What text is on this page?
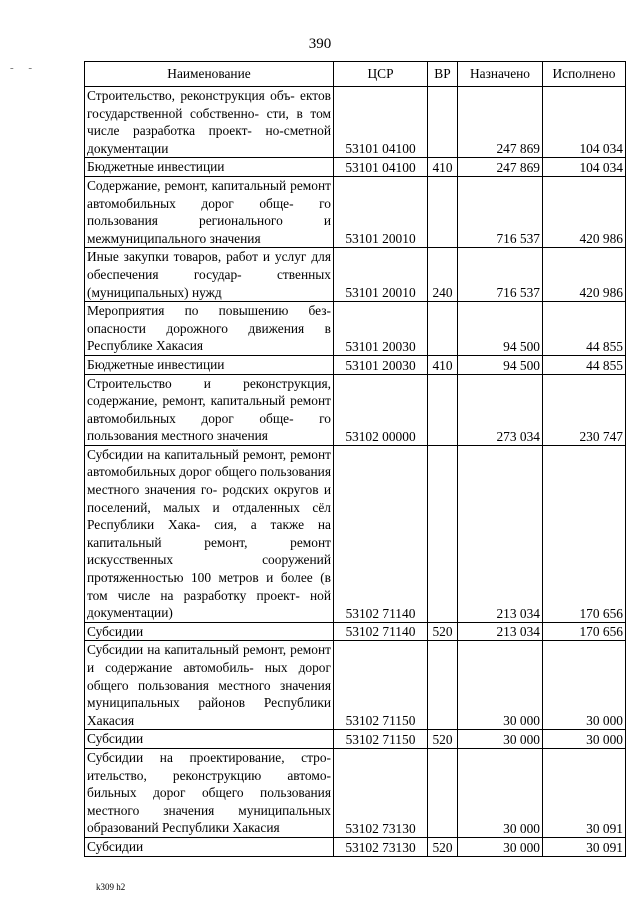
390
- -	Наименование	ЦСР	ВР	Назначено	Исполнено
Строительство, реконструкция объ- ектов государственной собственно- сти, в том числе разработка проект- но-сметной документации	53101 04100		247 869	104 034
Бюджетные инвестиции	53101 04100	410	247 869	104 034
Содержание, ремонт, капитальный ремонт автомобильных дорог обще- го пользования регионального и межмуниципального значения	53101 20010		716 537	420 986
Иные закупки товаров, работ и услуг для обеспечения государ- ственных (муниципальных) нужд	53101 20010	240	716 537	420 986
Мероприятия по повышению без- опасности дорожного движения в Республике Хакасия	53101 20030		94 500	44 855
Бюджетные инвестиции	53101 20030	410	94 500	44 855
Строительство и реконструкция, содержание, ремонт, капитальный ремонт автомобильных дорог обще- го пользования местного значения	53102 00000		273 034	230 747
Субсидии на капитальный ремонт, ремонт автомобильных дорог общего пользования местного значения го- родских округов и поселений, малых и отдаленных сёл Республики Хака- сия, а также на капитальный ремонт, ремонт искусственных сооружений протяженностью 100 метров и более (в том числе на разработку проект- ной документации)	53102 71140		213 034	170 656
Субсидии	53102 71140	520	213 034	170 656
Субсидии на капитальный ремонт, ремонт и содержание автомобиль- ных дорог общего пользования местного значения муниципальных районов Республики Хакасия	53102 71150		30 000	30 000
Субсидии	53102 71150	520	30 000	30 000
Субсидии на проектирование, стро- ительство, реконструкцию автомо- бильных дорог общего пользования местного значения муниципальных образований Республики Хакасия	53102 73130		30 000	30 091
Субсидии	53102 73130	520	30 000	30 091
k309 h2
